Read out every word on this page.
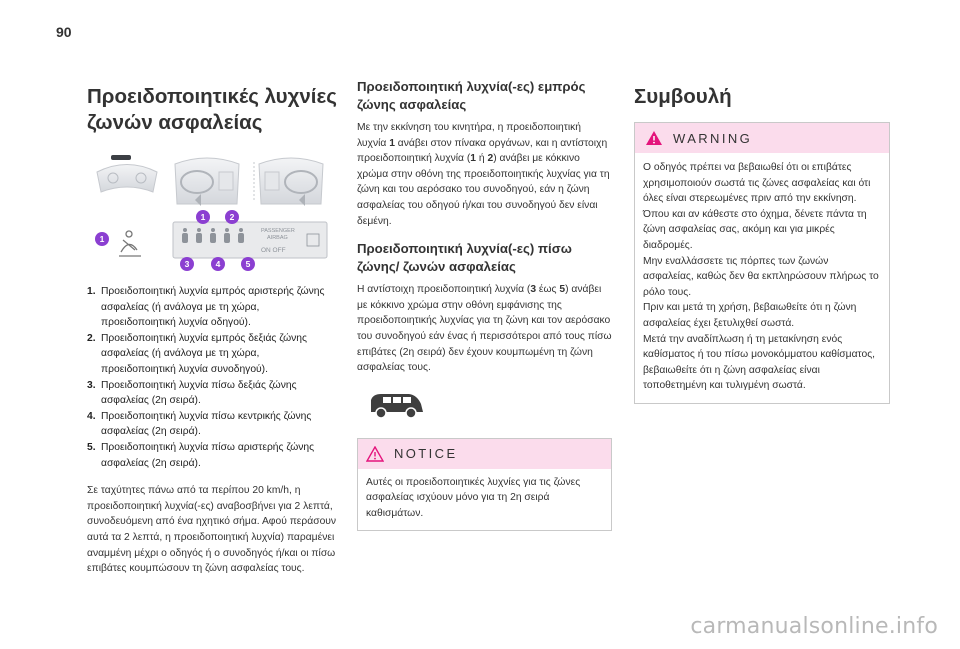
90
Προειδοποιητικές λυχνίες
ζωνών ασφαλείας
PASSENGER
AIRBAG
ON OFF
1
1	2
3	4	5
1. Προειδοποιητική λυχνία εμπρός αριστερής ζώνης ασφαλείας (ή ανάλογα με τη χώρα, προειδοποιητική λυχνία οδηγού).
2. Προειδοποιητική λυχνία εμπρός δεξιάς ζώνης ασφαλείας (ή ανάλογα με τη χώρα, προειδοποιητική λυχνία συνοδηγού).
3. Προειδοποιητική λυχνία πίσω δεξιάς ζώνης ασφαλείας (2η σειρά).
4. Προειδοποιητική λυχνία πίσω κεντρικής ζώνης ασφαλείας (2η σειρά).
5. Προειδοποιητική λυχνία πίσω αριστερής ζώνης ασφαλείας (2η σειρά).

Σε ταχύτητες πάνω από τα περίπου 20 km/h, η προειδοποιητική λυχνία(-ες) αναβοσβήνει για 2 λεπτά, συνοδευόμενη από ένα ηχητικό σήμα. Αφού περάσουν αυτά τα 2 λεπτά, η προειδοποιητική λυχνία) παραμένει αναμμένη μέχρι ο οδηγός ή ο συνοδηγός ή/και οι πίσω επιβάτες κουμπώσουν τη ζώνη ασφαλείας τους.

Προειδοποιητική λυχνία(-ες) εμπρός ζώνης ασφαλείας

Με την εκκίνηση του κινητήρα, η προειδοποιητική λυχνία 1 ανάβει στον πίνακα οργάνων, και η αντίστοιχη προειδοποιητική λυχνία (1 ή 2) ανάβει με κόκκινο χρώμα στην οθόνη της προειδοποιητικής λυχνίας για τη ζώνη και του αερόσακο του συνοδηγού, εάν η ζώνη ασφαλείας του οδηγού ή/και του συνοδηγού δεν είναι δεμένη.

Προειδοποιητική λυχνία(-ες) πίσω ζώνης/ ζωνών ασφαλείας

Η αντίστοιχη προειδοποιητική λυχνία (3 έως 5) ανάβει με κόκκινο χρώμα στην οθόνη εμφάνισης της προειδοποιητικής λυχνίας για τη ζώνη και τον αερόσακο του συνοδηγού εάν ένας ή περισσότεροι από τους πίσω επιβάτες (2η σειρά) δεν έχουν κουμπωμένη τη ζώνη ασφαλείας τους.

NOTICE
Αυτές οι προειδοποιητικές λυχνίες για τις ζώνες ασφαλείας ισχύουν μόνο για τη 2η σειρά καθισμάτων.
Συμβουλή
WARNING

Ο οδηγός πρέπει να βεβαιωθεί ότι οι επιβάτες χρησιμοποιούν σωστά τις ζώνες ασφαλείας και ότι όλες είναι στερεωμένες πριν από την εκκίνηση.

Όπου και αν κάθεστε στο όχημα, δένετε πάντα τη ζώνη ασφαλείας σας, ακόμη και για μικρές διαδρομές.

Μην εναλλάσσετε τις πόρπες των ζωνών ασφαλείας, καθώς δεν θα εκπληρώσουν πλήρως το ρόλο τους.

Πριν και μετά τη χρήση, βεβαιωθείτε ότι η ζώνη ασφαλείας έχει ξετυλιχθεί σωστά.

Μετά την αναδίπλωση ή τη μετακίνηση ενός καθίσματος ή του πίσω μονοκόμματου καθίσματος, βεβαιωθείτε ότι η ζώνη ασφαλείας είναι τοποθετημένη και τυλιγμένη σωστά.

carmanualsonline.info
